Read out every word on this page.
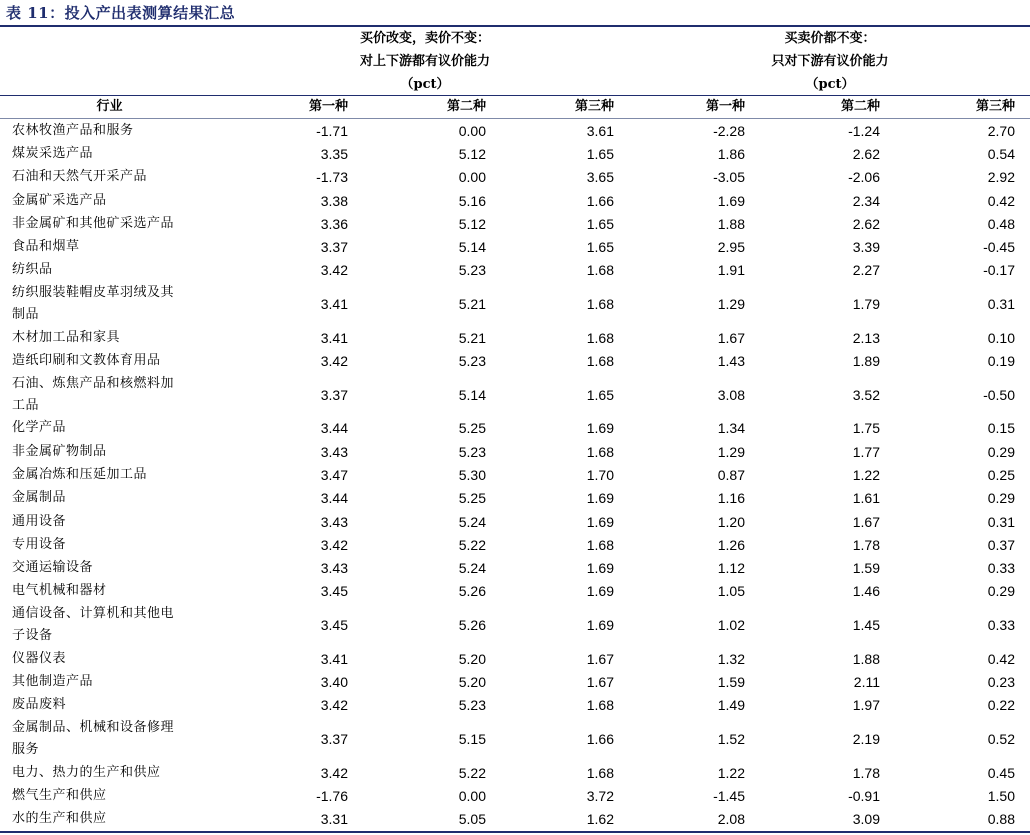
表 11：投入产出表测算结果汇总
买价改变，卖价不变：
对上下游都有议价能力
（pct）
买卖价都不变：
只对下游有议价能力
（pct）
行业	第一种	第二种	第三种	第一种	第二种	第三种
农林牧渔产品和服务	-1.71	0.00	3.61	-2.28	-1.24	2.70
煤炭采选产品	3.35	5.12	1.65	1.86	2.62	0.54
石油和天然气开采产品	-1.73	0.00	3.65	-3.05	-2.06	2.92
金属矿采选产品	3.38	5.16	1.66	1.69	2.34	0.42
非金属矿和其他矿采选产品	3.36	5.12	1.65	1.88	2.62	0.48
食品和烟草	3.37	5.14	1.65	2.95	3.39	-0.45
纺织品	3.42	5.23	1.68	1.91	2.27	-0.17
纺织服装鞋帽皮革羽绒及其
制品
3.41	5.21	1.68	1.29	1.79	0.31
木材加工品和家具	3.41	5.21	1.68	1.67	2.13	0.10
造纸印刷和文教体育用品	3.42	5.23	1.68	1.43	1.89	0.19
石油、炼焦产品和核燃料加
工品
3.37	5.14	1.65	3.08	3.52	-0.50
化学产品	3.44	5.25	1.69	1.34	1.75	0.15
非金属矿物制品	3.43	5.23	1.68	1.29	1.77	0.29
金属冶炼和压延加工品	3.47	5.30	1.70	0.87	1.22	0.25
金属制品	3.44	5.25	1.69	1.16	1.61	0.29
通用设备	3.43	5.24	1.69	1.20	1.67	0.31
专用设备	3.42	5.22	1.68	1.26	1.78	0.37
交通运输设备	3.43	5.24	1.69	1.12	1.59	0.33
电气机械和器材	3.45	5.26	1.69	1.05	1.46	0.29
通信设备、计算机和其他电
子设备
3.45	5.26	1.69	1.02	1.45	0.33
仪器仪表	3.41	5.20	1.67	1.32	1.88	0.42
其他制造产品	3.40	5.20	1.67	1.59	2.11	0.23
废品废料	3.42	5.23	1.68	1.49	1.97	0.22
金属制品、机械和设备修理
服务
3.37	5.15	1.66	1.52	2.19	0.52
电力、热力的生产和供应	3.42	5.22	1.68	1.22	1.78	0.45
燃气生产和供应	-1.76	0.00	3.72	-1.45	-0.91	1.50
水的生产和供应	3.31	5.05	1.62	2.08	3.09	0.88
